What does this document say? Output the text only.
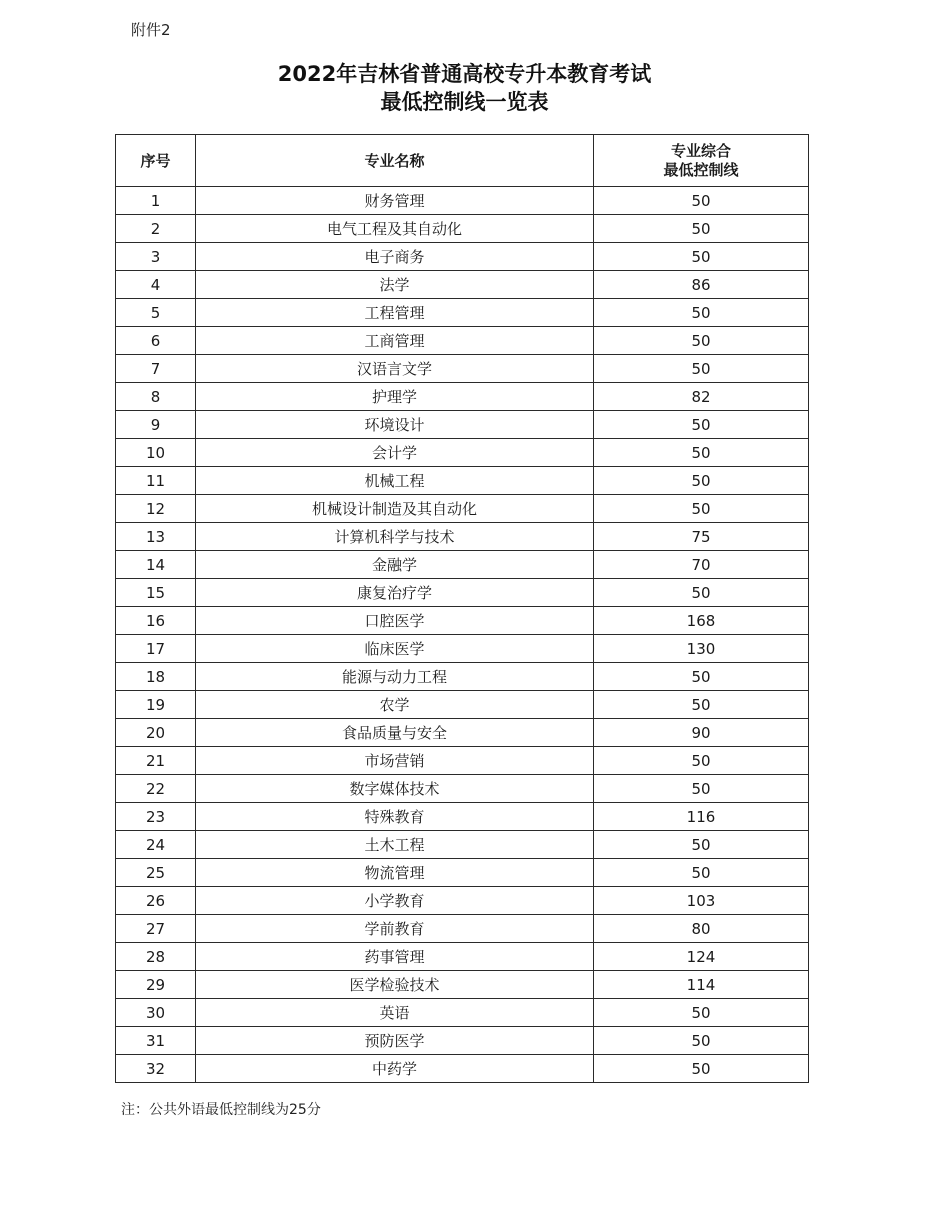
附件2
2022年吉林省普通高校专升本教育考试
最低控制线一览表
序号	专业名称	专业综合
最低控制线

1	财务管理	50
2	电气工程及其自动化	50
3	电子商务	50
4	法学	86
5	工程管理	50
6	工商管理	50
7	汉语言文学	50
8	护理学	82
9	环境设计	50
10	会计学	50
11	机械工程	50
12	机械设计制造及其自动化	50
13	计算机科学与技术	75
14	金融学	70
15	康复治疗学	50
16	口腔医学	168
17	临床医学	130
18	能源与动力工程	50
19	农学	50
20	食品质量与安全	90
21	市场营销	50
22	数字媒体技术	50
23	特殊教育	116
24	土木工程	50
25	物流管理	50
26	小学教育	103
27	学前教育	80
28	药事管理	124
29	医学检验技术	114
30	英语	50
31	预防医学	50
32	中药学	50
注：公共外语最低控制线为25分
